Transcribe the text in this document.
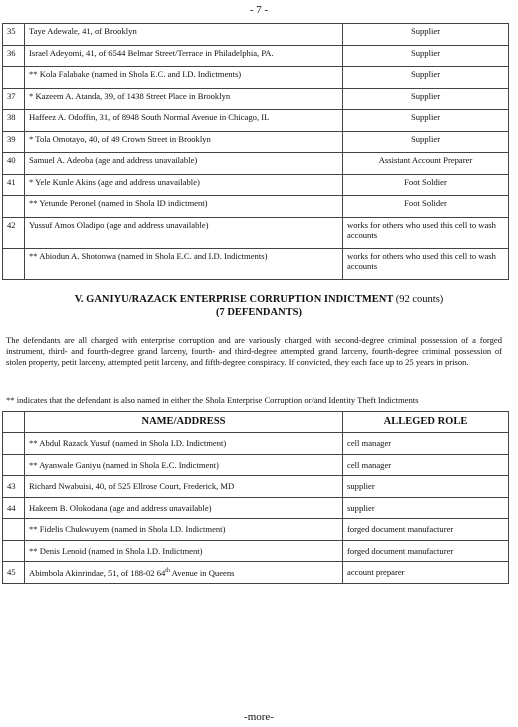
- 7 -
35	Taye Adewale, 41, of Brooklyn	Supplier
36	Israel Adeyomi, 41, of 6544 Belmar Street/Terrace in Philadelphia, PA.	Supplier
	** Kola Falabake (named in Shola E.C. and I.D. Indictments)	Supplier
37	* Kazeem A. Atanda, 39, of 1438 Street Place in Brooklyn	Supplier
38	Haffeez A. Odoffin, 31, of 8948 South Normal Avenue in Chicago, IL	Supplier
39	* Tola Omotayo, 40, of 49 Crown Street in Brooklyn	Supplier
40	Samuel A. Adeoba (age and address unavailable)	Assistant Account Preparer
41	* Yele Kunle Akins (age and address unavailable)	Foot Soldier
	** Yetunde Peronel (named in Shola ID indictment)	Foot Solider
42	Yussuf Amos Oladipo (age and address unavailable)	works for others who used this cell to wash accounts
	** Abiodun A. Shotonwa (named in Shola E.C. and I.D. Indictments)	works for others who used this cell to wash accounts
V. GANIYU/RAZACK ENTERPRISE CORRUPTION INDICTMENT (92 counts)
(7 DEFENDANTS)
The defendants are all charged with enterprise corruption and are variously charged with second-degree criminal possession of a forged instrument, third- and fourth-degree grand larceny, fourth- and third-degree attempted grand larceny, fourth-degree criminal possession of stolen property, petit larceny, attempted petit larceny, and fifth-degree conspiracy. If convicted, they each face up to 25 years in prison.
** indicates that the defendant is also named in either the Shola Enterprise Corruption or/and Identity Theft Indictments
	NAME/ADDRESS	ALLEGED ROLE
	** Abdul Razack Yusuf (named in Shola I.D. Indictment)	cell manager
	** Ayanwale Ganiyu (named in Shola E.C. Indictment)	cell manager
43	Richard Nwabuisi, 40, of 525 Ellrose Court, Frederick, MD	supplier
44	Hakeem B. Olokodana (age and address unavailable)	supplier
	** Fidelis Chukwuyem (named in Shola I.D. Indictment)	forged document manufacturer
	** Denis Lenoid (named in Shola I.D. Indictment)	forged document manufacturer
45	Abimbola Akinrindae, 51, of 188-02 64th Avenue in Queens	account preparer
-more-
